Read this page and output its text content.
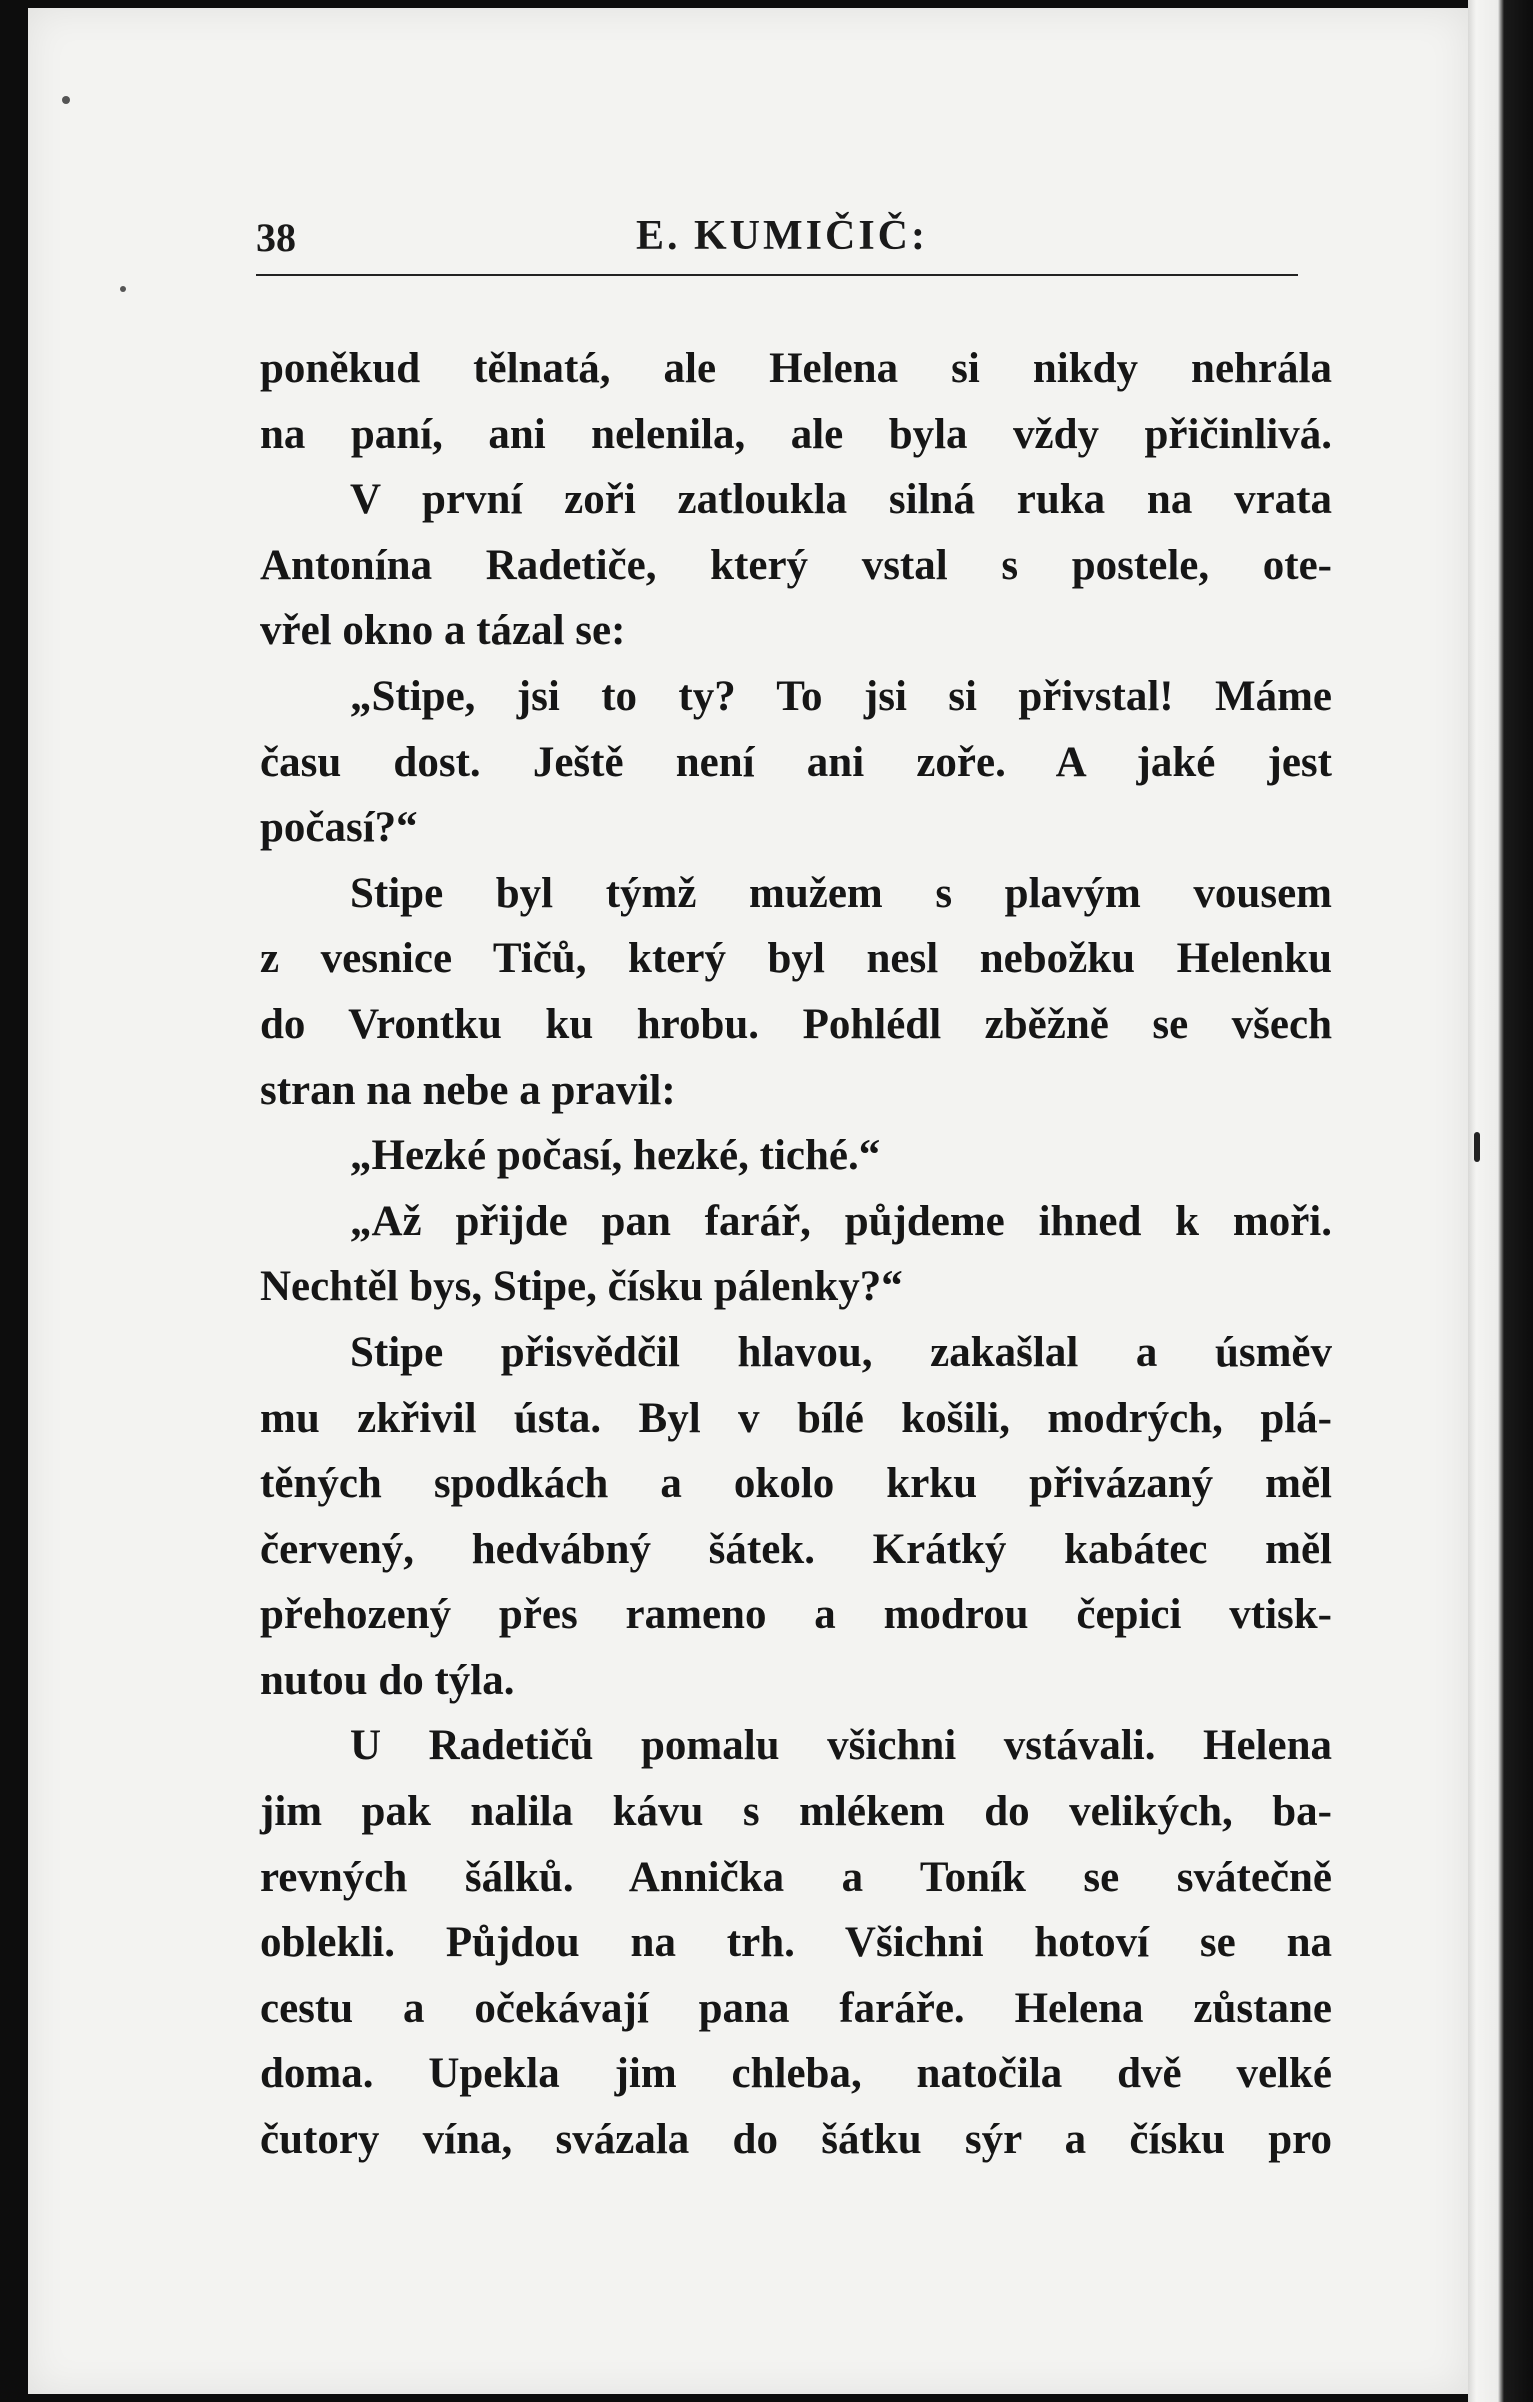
38	E. KUMIČIČ:
poněkud tělnatá, ale Helena si nikdy nehrála
na paní, ani nelenila, ale byla vždy přičinlivá.
V první zoři zatloukla silná ruka na vrata
Antonína Radetiče, který vstal s postele, ote-
vřel okno a tázal se:
„Stipe, jsi to ty? To jsi si přivstal! Máme
času dost. Ještě není ani zoře. A jaké jest
počasí?“
Stipe byl týmž mužem s plavým vousem
z vesnice Tičů, který byl nesl nebožku Helenku
do Vrontku ku hrobu. Pohlédl zběžně se všech
stran na nebe a pravil:
„Hezké počasí, hezké, tiché.“
„Až přijde pan farář, půjdeme ihned k moři.
Nechtěl bys, Stipe, čísku pálenky?“
Stipe přisvědčil hlavou, zakašlal a úsměv
mu zkřivil ústa. Byl v bílé košili, modrých, plá-
těných spodkách a okolo krku přivázaný měl
červený, hedvábný šátek. Krátký kabátec měl
přehozený přes rameno a modrou čepici vtisk-
nutou do týla.
U Radetičů pomalu všichni vstávali. Helena
jim pak nalila kávu s mlékem do velikých, ba-
revných šálků. Annička a Toník se svátečně
oblekli. Půjdou na trh. Všichni hotoví se na
cestu a očekávají pana faráře. Helena zůstane
doma. Upekla jim chleba, natočila dvě velké
čutory vína, svázala do šátku sýr a čísku pro
